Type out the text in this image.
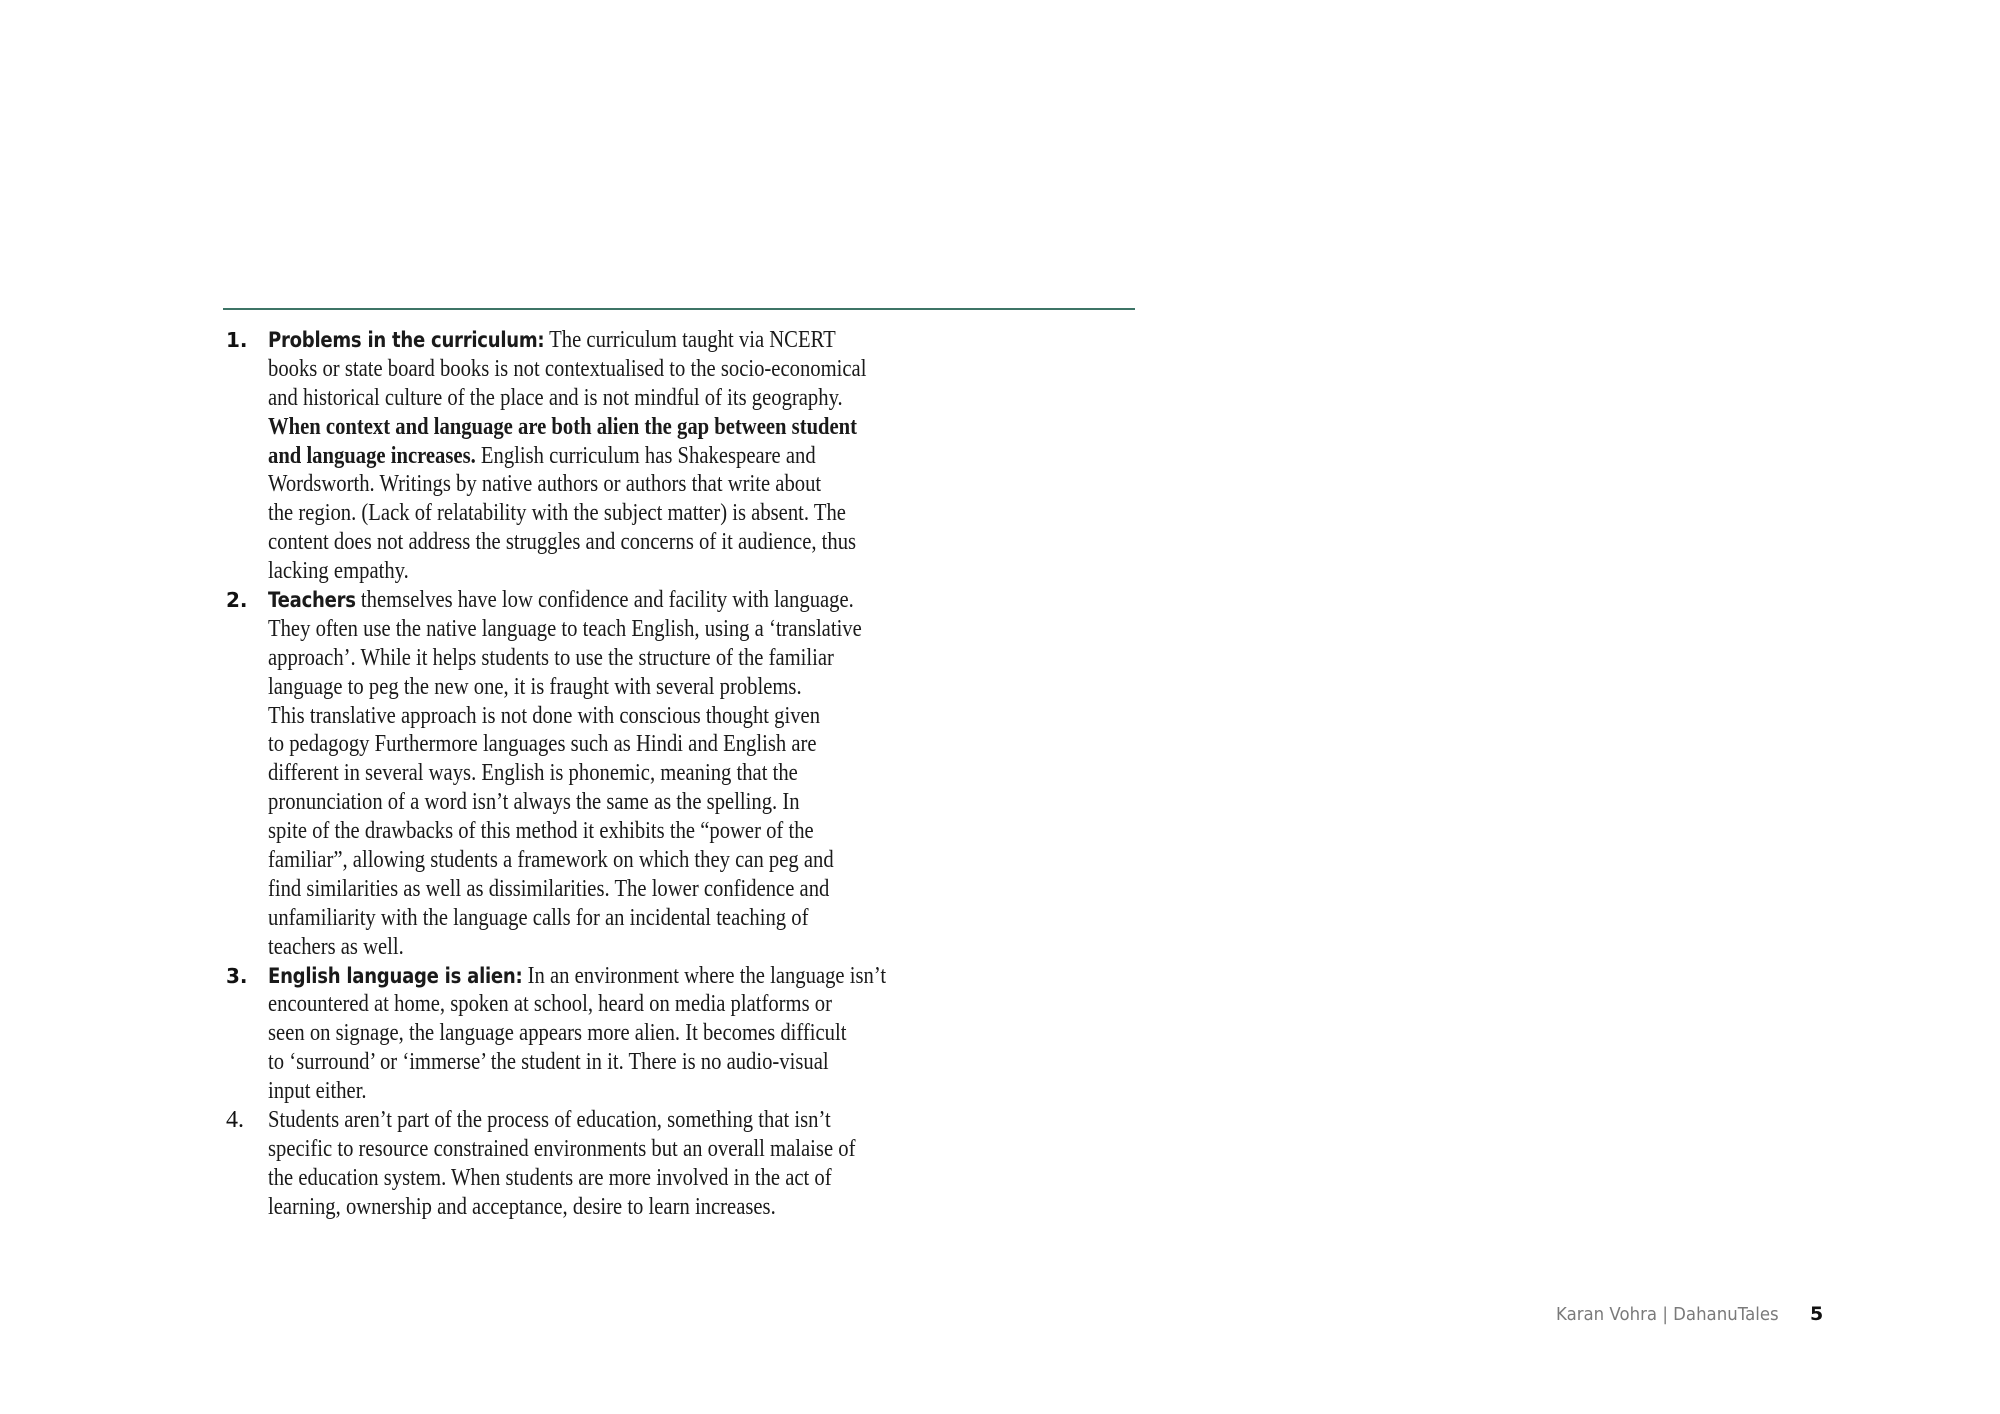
1. Problems in the curriculum: The curriculum taught via NCERT
books or state board books is not contextualised to the socio-economical
and historical culture of the place and is not mindful of its geography.
When context and language are both alien the gap between student
and language increases. English curriculum has Shakespeare and
Wordsworth. Writings by native authors or authors that write about
the region. (Lack of relatability with the subject matter) is absent. The
content does not address the struggles and concerns of it audience, thus
lacking empathy.
2. Teachers themselves have low confidence and facility with language.
They often use the native language to teach English, using a ‘translative
approach’. While it helps students to use the structure of the familiar
language to peg the new one, it is fraught with several problems.
This translative approach is not done with conscious thought given
to pedagogy Furthermore languages such as Hindi and English are
different in several ways. English is phonemic, meaning that the
pronunciation of a word isn’t always the same as the spelling. In
spite of the drawbacks of this method it exhibits the “power of the
familiar”, allowing students a framework on which they can peg and
find similarities as well as dissimilarities. The lower confidence and
unfamiliarity with the language calls for an incidental teaching of
teachers as well.
3. English language is alien: In an environment where the language isn’t
encountered at home, spoken at school, heard on media platforms or
seen on signage, the language appears more alien. It becomes difficult
to ‘surround’ or ‘immerse’ the student in it. There is no audio-visual
input either.
4. Students aren’t part of the process of education, something that isn’t
specific to resource constrained environments but an overall malaise of
the education system. When students are more involved in the act of
learning, ownership and acceptance, desire to learn increases.
Karan Vohra | DahanuTales 5
